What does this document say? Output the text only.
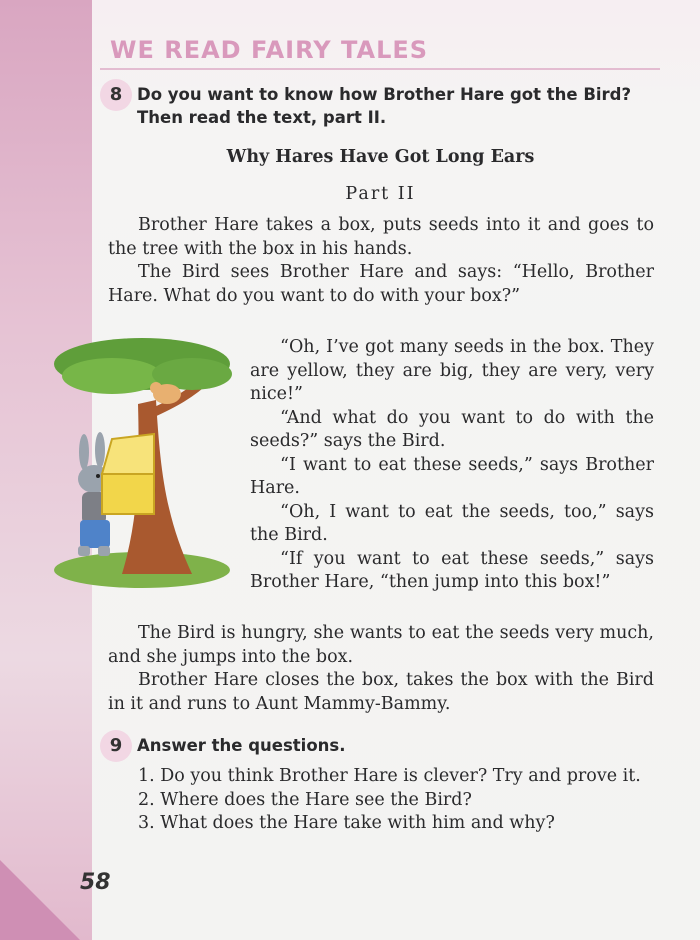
WE READ FAIRY TALES
8 Do you want to know how Brother Hare got the Bird? Then read the text, part II.

Why Hares Have Got Long Ears

Part II

Brother Hare takes a box, puts seeds into it and goes to the tree with the box in his hands.

The Bird sees Brother Hare and says: “Hello, Brother Hare. What do you want to do with your box?”

“Oh, I’ve got many seeds in the box. They are yellow, they are big, they are very, very nice!”

“And what do you want to do with the seeds?” says the Bird.

“I want to eat these seeds,” says Brother Hare.

“Oh, I want to eat the seeds, too,” says the Bird.

“If you want to eat these seeds,” says Brother Hare, “then jump into this box!”

The Bird is hungry, she wants to eat the seeds very much, and she jumps into the box.

Brother Hare closes the box, takes the box with the Bird in it and runs to Aunt Mammy-Bammy.

9 Answer the questions.

1. Do you think Brother Hare is clever? Try and prove it.

2. Where does the Hare see the Bird?

3. What does the Hare take with him and why?

58
